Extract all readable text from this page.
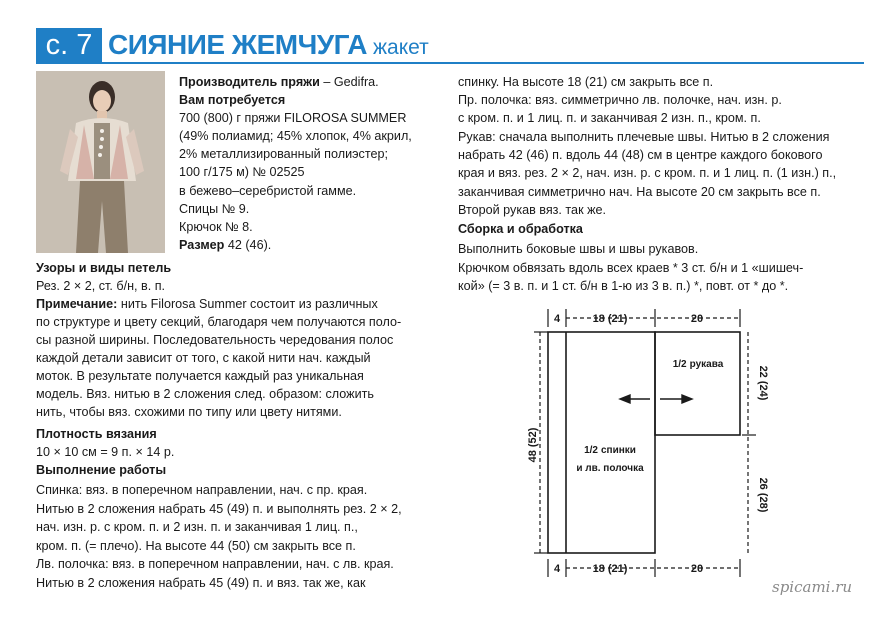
с. 7 СИЯНИЕ ЖЕМЧУГА жакет
Производитель пряжи – Gedifra.
Вам потребуется
700 (800) г пряжи FILOROSA SUMMER
(49% полиамид; 45% хлопок, 4% акрил,
2% металлизированный полиэстер;
100 г/175 м) № 02525
в бежево–серебристой гамме.
Спицы № 9.
Крючок № 8.
Размер 42 (46).
Узоры и виды петель
Рез. 2 × 2, ст. б/н, в. п.
Примечание: нить Filorosa Summer состоит из различных
по структуре и цвету секций, благодаря чем получаются поло-
сы разной ширины. Последовательность чередования полос
каждой детали зависит от того, с какой нити нач. каждый
моток. В результате получается каждый раз уникальная
модель. Вяз. нитью в 2 сложения след. образом: сложить
нить, чтобы вяз. схожими по типу или цвету нитями.
Плотность вязания
10 × 10 см = 9 п. × 14 р.
Выполнение работы
Спинка: вяз. в поперечном направлении, нач. с пр. края.
Нитью в 2 сложения набрать 45 (49) п. и выполнять рез. 2 × 2,
нач. изн. р. с кром. п. и 2 изн. п. и заканчивая 1 лиц. п.,
кром. п. (= плечо). На высоте 44 (50) см закрыть все п.
Лв. полочка: вяз. в поперечном направлении, нач. с лв. края.
Нитью в 2 сложения набрать 45 (49) п. и вяз. так же, как
спинку. На высоте 18 (21) см закрыть все п.
Пр. полочка: вяз. симметрично лв. полочке, нач. изн. р.
с кром. п. и 1 лиц. п. и заканчивая 2 изн. п., кром. п.
Рукав: сначала выполнить плечевые швы. Нитью в 2 сложения
набрать 42 (46) п. вдоль 44 (48) см в центре каждого бокового
края и вяз. рез. 2 × 2, нач. изн. р. с кром. п. и 1 лиц. п. (1 изн.) п.,
заканчивая симметрично нач. На высоте 20 см закрыть все п.
Второй рукав вяз. так же.
Сборка и обработка
Выполнить боковые швы и швы рукавов.
Крючком обвязать вдоль всех краев * 3 ст. б/н и 1 «шишеч-
кой» (= 3 в. п. и 1 ст. б/н в 1-ю из 3 в. п.) *, повт. от * до *.
4	18 (21)	20
4	18 (21)	20
48 (52)
22 (24)
26 (28)
1/2 рукава
1/2 спинки
и лв. полочка
spicami.ru
